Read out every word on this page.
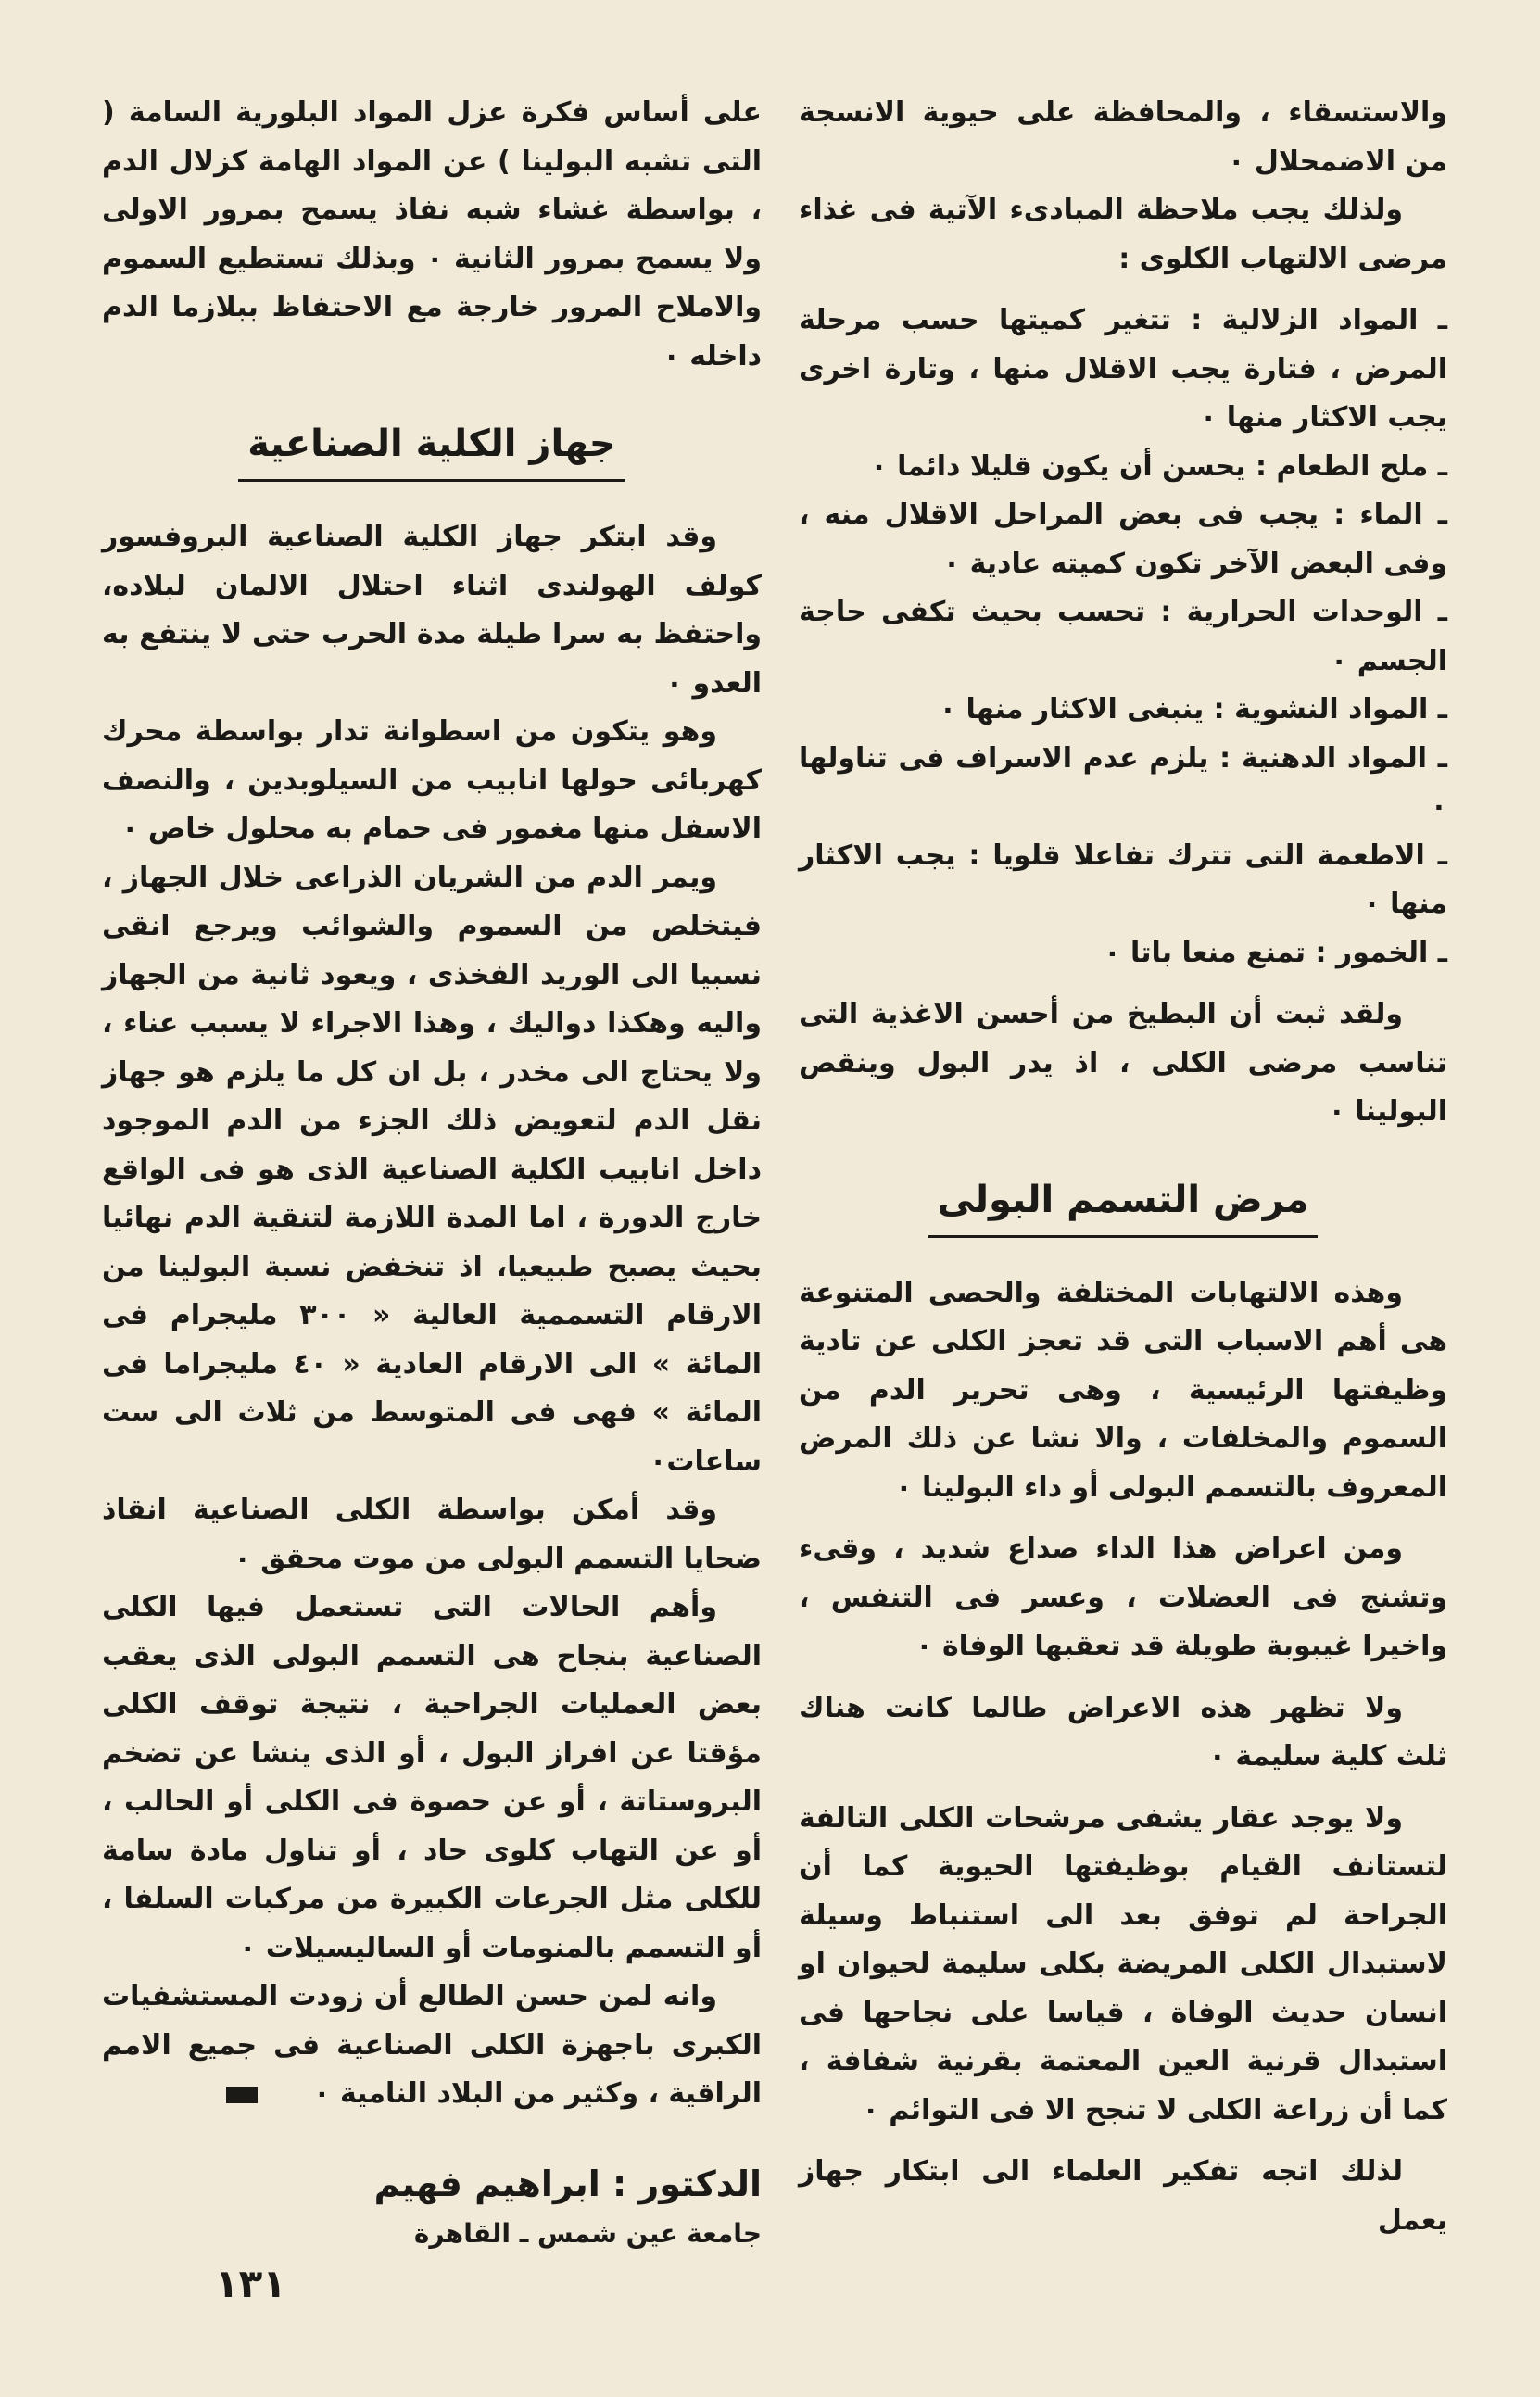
والاستسقاء ، والمحافظة على حيوية الانسجة من الاضمحلال ٠

ولذلك يجب ملاحظة المبادىء الآتية فى غذاء مرضى الالتهاب الكلوى :

ـ المواد الزلالية : تتغير كميتها حسب مرحلة المرض ، فتارة يجب الاقلال منها ، وتارة اخرى يجب الاكثار منها ٠

ـ ملح الطعام : يحسن أن يكون قليلا دائما ٠

ـ الماء : يجب فى بعض المراحل الاقلال منه ، وفى البعض الآخر تكون كميته عادية ٠

ـ الوحدات الحرارية : تحسب بحيث تكفى حاجة الجسم ٠

ـ المواد النشوية : ينبغى الاكثار منها ٠

ـ المواد الدهنية : يلزم عدم الاسراف فى تناولها ٠

ـ الاطعمة التى تترك تفاعلا قلويا : يجب الاكثار منها ٠

ـ الخمور : تمنع منعا باتا ٠

ولقد ثبت أن البطيخ من أحسن الاغذية التى تناسب مرضى الكلى ، اذ يدر البول وينقص البولينا ٠

مرض التسمم البولى

وهذه الالتهابات المختلفة والحصى المتنوعة هى أهم الاسباب التى قد تعجز الكلى عن تادية وظيفتها الرئيسية ، وهى تحرير الدم من السموم والمخلفات ، والا نشا عن ذلك المرض المعروف بالتسمم البولى أو داء البولينا ٠

ومن اعراض هذا الداء صداع شديد ، وقىء وتشنج فى العضلات ، وعسر فى التنفس ، واخيرا غيبوبة طويلة قد تعقبها الوفاة ٠

ولا تظهر هذه الاعراض طالما كانت هناك ثلث كلية سليمة ٠

ولا يوجد عقار يشفى مرشحات الكلى التالفة لتستانف القيام بوظيفتها الحيوية كما أن الجراحة لم توفق بعد الى استنباط وسيلة لاستبدال الكلى المريضة بكلى سليمة لحيوان او انسان حديث الوفاة ، قياسا على نجاحها فى استبدال قرنية العين المعتمة بقرنية شفافة ، كما أن زراعة الكلى لا تنجح الا فى التوائم ٠

لذلك اتجه تفكير العلماء الى ابتكار جهاز يعمل

على أساس فكرة عزل المواد البلورية السامة ( التى تشبه البولينا ) عن المواد الهامة كزلال الدم ، بواسطة غشاء شبه نفاذ يسمح بمرور الاولى ولا يسمح بمرور الثانية ٠ وبذلك تستطيع السموم والاملاح المرور خارجة مع الاحتفاظ ببلازما الدم داخله ٠

جهاز الكلية الصناعية

وقد ابتكر جهاز الكلية الصناعية البروفسور كولف الهولندى اثناء احتلال الالمان لبلاده، واحتفظ به سرا طيلة مدة الحرب حتى لا ينتفع به العدو ٠

وهو يتكون من اسطوانة تدار بواسطة محرك كهربائى حولها انابيب من السيلوبدين ، والنصف الاسفل منها مغمور فى حمام به محلول خاص ٠

ويمر الدم من الشريان الذراعى خلال الجهاز ، فيتخلص من السموم والشوائب ويرجع انقى نسبيا الى الوريد الفخذى ، ويعود ثانية من الجهاز واليه وهكذا دواليك ، وهذا الاجراء لا يسبب عناء ، ولا يحتاج الى مخدر ، بل ان كل ما يلزم هو جهاز نقل الدم لتعويض ذلك الجزء من الدم الموجود داخل انابيب الكلية الصناعية الذى هو فى الواقع خارج الدورة ، اما المدة اللازمة لتنقية الدم نهائيا بحيث يصبح طبيعيا، اذ تنخفض نسبة البولينا من الارقام التسممية العالية « ٣٠٠ مليجرام فى المائة » الى الارقام العادية « ٤٠ مليجراما فى المائة » فهى فى المتوسط من ثلاث الى ست ساعات٠

وقد أمكن بواسطة الكلى الصناعية انقاذ ضحايا التسمم البولى من موت محقق ٠

وأهم الحالات التى تستعمل فيها الكلى الصناعية بنجاح هى التسمم البولى الذى يعقب بعض العمليات الجراحية ، نتيجة توقف الكلى مؤقتا عن افراز البول ، أو الذى ينشا عن تضخم البروستاتة ، أو عن حصوة فى الكلى أو الحالب ، أو عن التهاب كلوى حاد ، أو تناول مادة سامة للكلى مثل الجرعات الكبيرة من مركبات السلفا ، أو التسمم بالمنومات أو الساليسيلات ٠

وانه لمن حسن الطالع أن زودت المستشفيات الكبرى باجهزة الكلى الصناعية فى جميع الامم الراقية ، وكثير من البلاد النامية ٠

الدكتور : ابراهيم فهيم
جامعة عين شمس ـ القاهرة
١٣١
